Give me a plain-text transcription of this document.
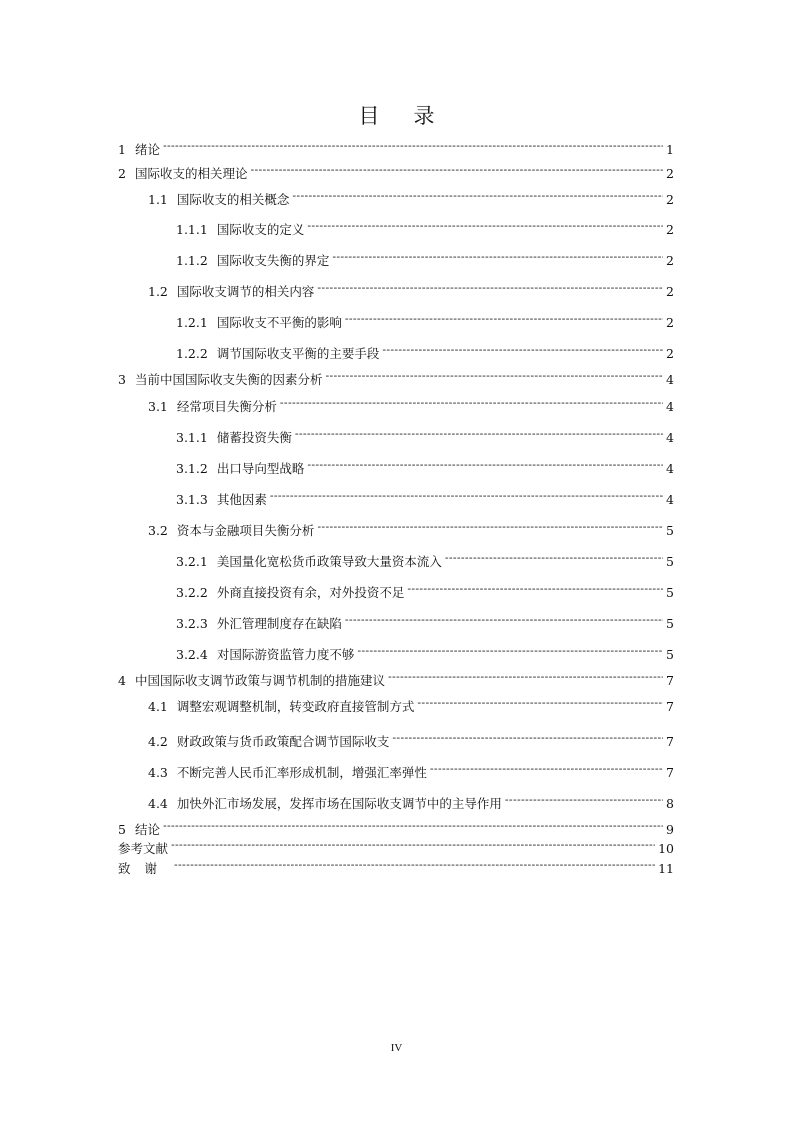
目 录
1 绪论 -----	1
2 国际收支的相关理论 -----	2
1.1 国际收支的相关概念 -----	2
1.1.1 国际收支的定义 -----	2
1.1.2 国际收支失衡的界定 -----	2
1.2 国际收支调节的相关内容 -----	2
1.2.1 国际收支不平衡的影响 -----	2
1.2.2 调节国际收支平衡的主要手段 -----	2
3 当前中国国际收支失衡的因素分析 -----	4
3.1 经常项目失衡分析 -----	4
3.1.1 储蓄投资失衡 -----	4
3.1.2 出口导向型战略 -----	4
3.1.3 其他因素 -----	4
3.2 资本与金融项目失衡分析 -----	5
3.2.1 美国量化宽松货币政策导致大量资本流入 -----	5
3.2.2 外商直接投资有余，对外投资不足 -----	5
3.2.3 外汇管理制度存在缺陷 -----	5
3.2.4 对国际游资监管力度不够 -----	5
4 中国国际收支调节政策与调节机制的措施建议 -----	7
4.1 调整宏观调整机制，转变政府直接管制方式 -----	7
4.2 财政政策与货币政策配合调节国际收支 -----	7
4.3 不断完善人民币汇率形成机制，增强汇率弹性 -----	7
4.4 加快外汇市场发展，发挥市场在国际收支调节中的主导作用 -----	8
5 结论 -----	9
参考文献 -----	10
致谢 -----	11
IV
